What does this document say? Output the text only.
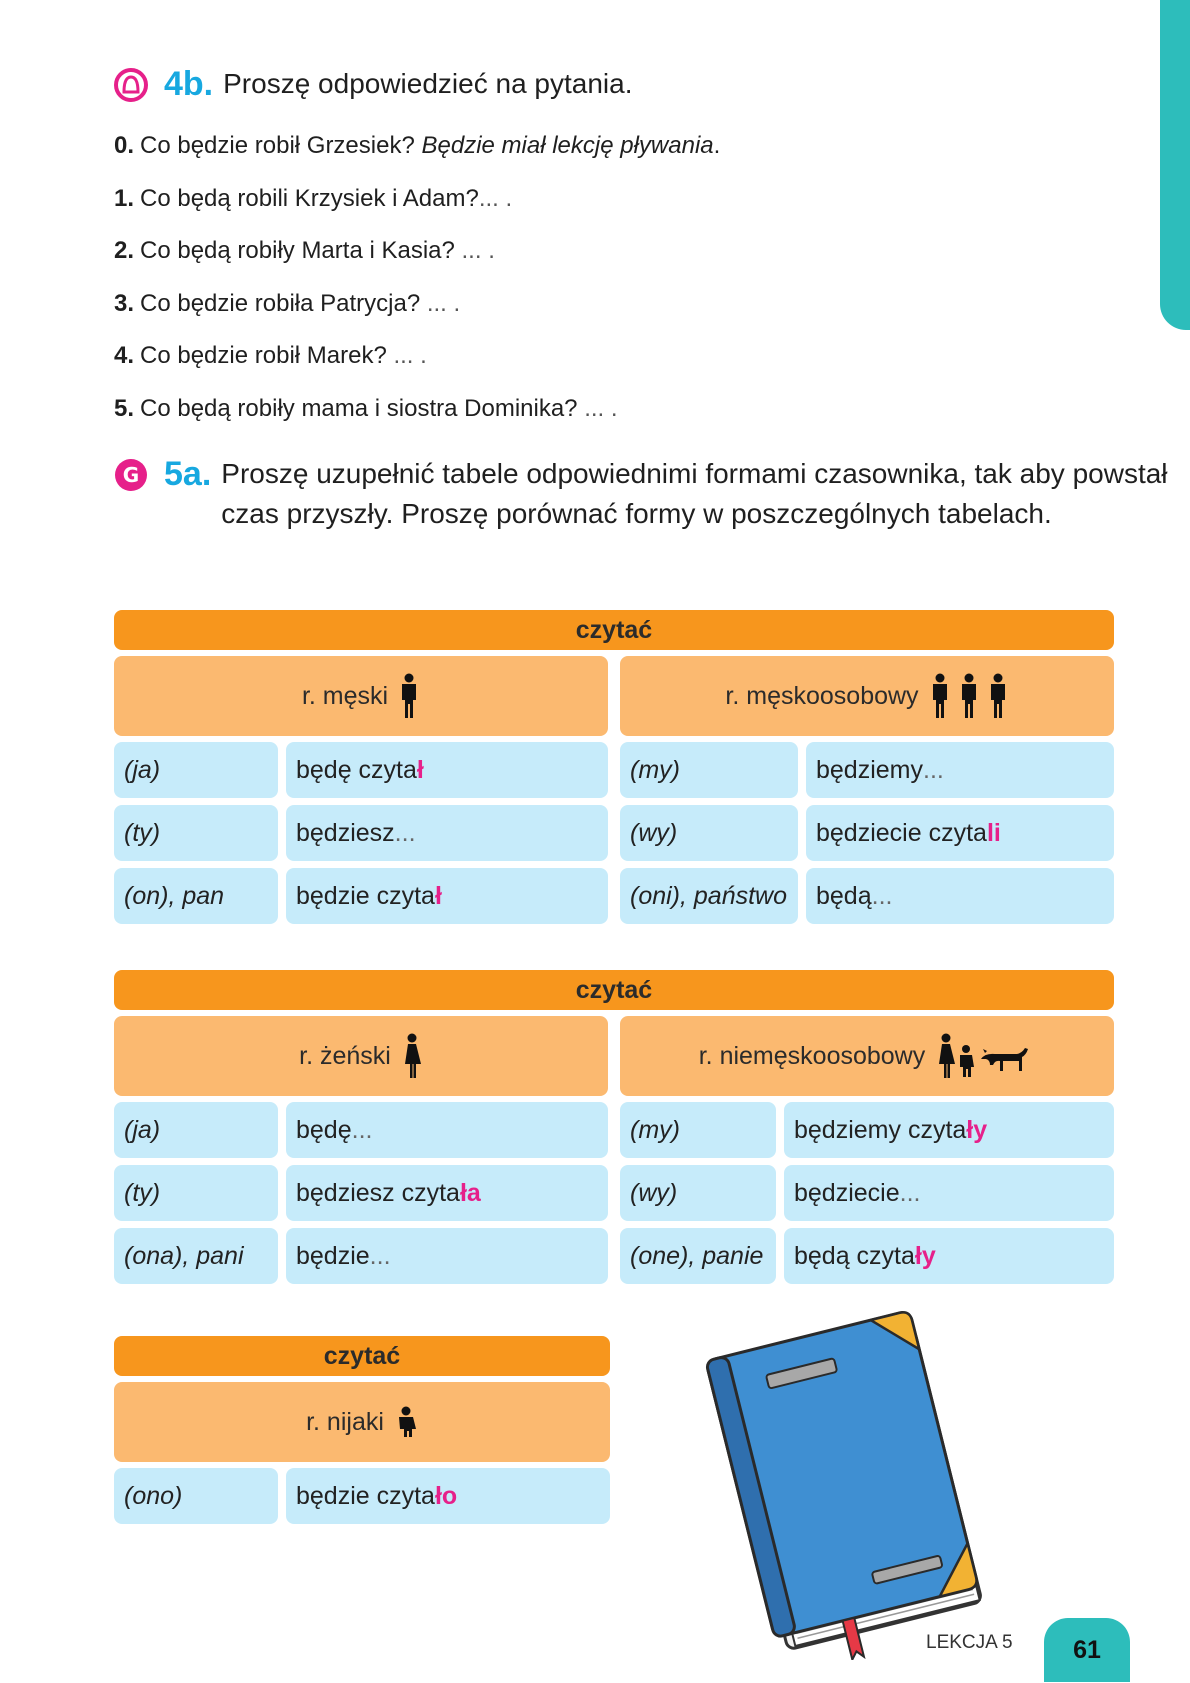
4b. Proszę odpowiedzieć na pytania.
0. Co będzie robił Grzesiek? Będzie miał lekcję pływania.
1. Co będą robili Krzysiek i Adam?... .
2. Co będą robiły Marta i Kasia? ... .
3. Co będzie robiła Patrycja? ... .
4. Co będzie robił Marek? ... .
5. Co będą robiły mama i siostra Dominika? ... .
G 5a. Proszę uzupełnić tabele odpowiednimi formami czasownika, tak aby powstał czas przyszły. Proszę porównać formy w poszczególnych tabelach.
czytać
r. męski	r. męskoosobowy
(ja)	będę czyta ł
(ty)	będziesz ...
(on), pan	będzie czyta ł
(my)	będziemy ...
(wy)	będziecie czyta li
(oni), państwo	będą ...
czytać
r. żeński	r. niemęskoosobowy
(ja)	będę ...
(ty)	będziesz czyta ła
(ona), pani	będzie ...
(my)	będziemy czyta ły
(wy)	będziecie ...
(one), panie	będą czyta ły
czytać
r. nijaki
(ono)	będzie czyta ło
LEKCJA 5	61
